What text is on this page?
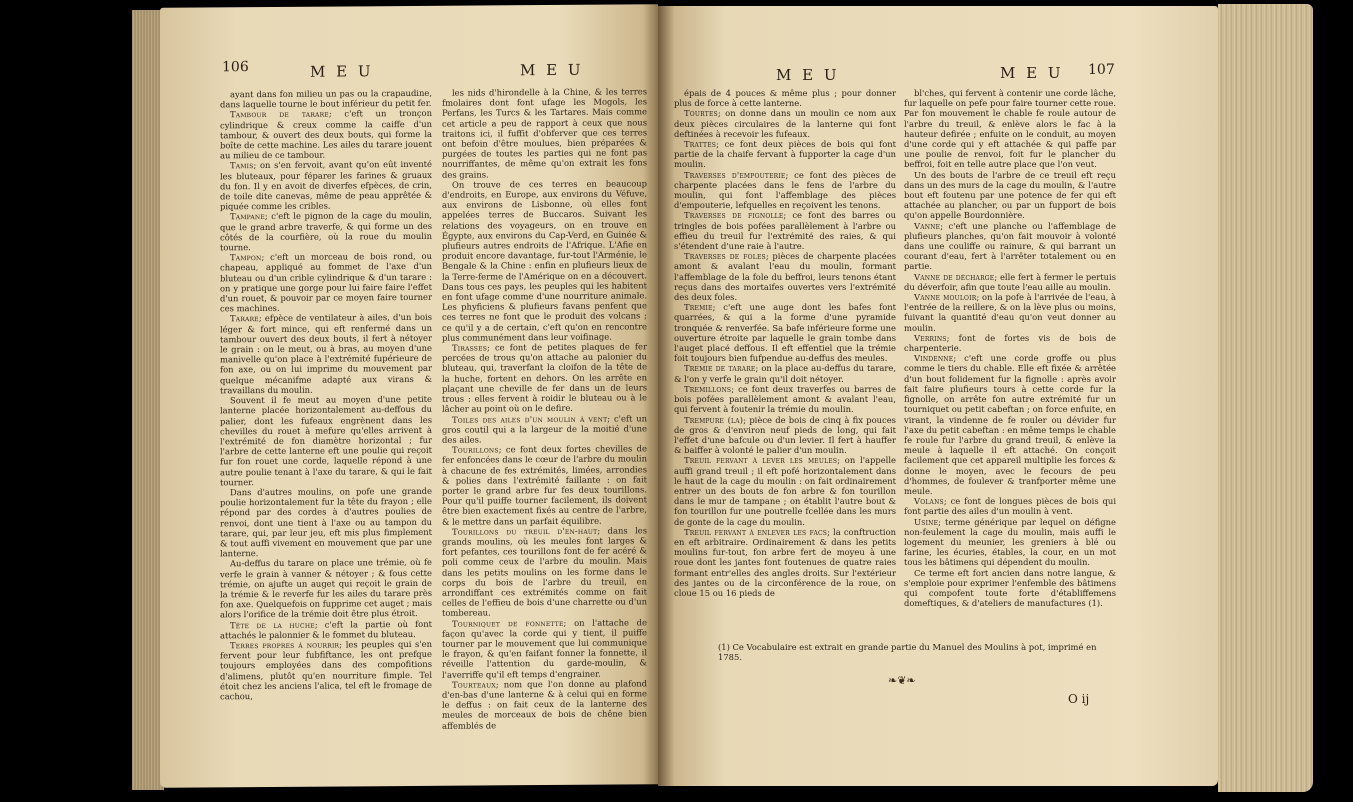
106	M E U	M E U

ayant dans fon milieu un pas ou la crapaudine, dans laquelle tourne le bout inférieur du petit fer.

Tambour de tarare; c'eft un tronçon cylindrique & creux comme la caiffe d'un tambour, & ouvert des deux bouts, qui forme la boîte de cette machine. Les ailes du tarare jouent au milieu de ce tambour.

Tamis; on s'en fervoit, avant qu'on eût inventé les bluteaux, pour féparer les farines & gruaux du fon. Il y en avoit de diverfes efpèces, de crin, de toile dite canevas, même de peau apprêtée & piquée comme les cribles.

Tampane; c'eft le pignon de la cage du moulin, que le grand arbre traverfe, & qui forme un des côtés de la courfière, où la roue du moulin tourne.

Tampon; c'eft un morceau de bois rond, ou chapeau, appliqué au fommet de l'axe d'un bluteau ou d'un crible cylindrique & d'un tarare : on y pratique une gorge pour lui faire faire l'effet d'un rouet, & pouvoir par ce moyen faire tourner ces machines.

Tarare; efpèce de ventilateur à ailes, d'un bois léger & fort mince, qui eft renfermé dans un tambour ouvert des deux bouts, il fert à nétoyer le grain : on le meut, ou à bras, au moyen d'une manivelle qu'on place à l'extrémité fupérieure de fon axe, ou on lui imprime du mouvement par quelque mécanifme adapté aux virans & travaillans du moulin.

Souvent il fe meut au moyen d'une petite lanterne placée horizontalement au-deffous du palier, dont les fufeaux engrènent dans les chevilles du rouet à mefure qu'elles arrivent à l'extrémité de fon diamètre horizontal ; fur l'arbre de cette lanterne eft une poulie qui reçoit fur fon rouet une corde, laquelle répond à une autre poulie tenant à l'axe du tarare, & qui le fait tourner.

Dans d'autres moulins, on pofe une grande poulie horizontalement fur la tête du frayon ; elle répond par des cordes à d'autres poulies de renvoi, dont une tient à l'axe ou au tampon du tarare, qui, par leur jeu, eft mis plus fimplement & tout auffi vivement en mouvement que par une lanterne.

Au-deffus du tarare on place une trémie, où fe verfe le grain à vanner & nétoyer ; & fous cette trémie, on ajufte un auget qui reçoit le grain de la trémie & le reverfe fur les ailes du tarare près fon axe. Quelquefois on fupprime cet auget ; mais alors l'orifice de la trémie doit être plus étroit.

Tête de la huche; c'eft la partie où font attachés le palonnier & le fommet du bluteau.

Terres propres à nourrir; les peuples qui s'en fervent pour leur fubfiftance, les ont prefque toujours employées dans des compofitions d'alimens, plutôt qu'en nourriture fimple. Tel étoit chez les anciens l'alica, tel eft le fromage de cachou,

les nids d'hirondelle à la Chine, & les terres fmolaires dont font ufage les Mogols, les Perfans, les Turcs & les Tartares. Mais comme cet article a peu de rapport à ceux que nous traitons ici, il fuffit d'obferver que ces terres ont befoin d'être moulues, bien préparées & purgées de toutes les parties qui ne font pas nourriffantes, de même qu'on extrait les fons des grains.

On trouve de ces terres en beaucoup d'endroits, en Europe, aux environs du Véfuve, aux environs de Lisbonne, où elles font appelées terres de Buccaros. Suivant les relations des voyageurs, on en trouve en Égypte, aux environs du Cap-Verd, en Guinée & plufieurs autres endroits de l'Afrique. L'Afie en produit encore davantage, fur-tout l'Arménie, le Bengale & la Chine : enfin en plufieurs lieux de la Terre-ferme de l'Amérique on en a découvert. Dans tous ces pays, les peuples qui les habitent en font ufage comme d'une nourriture animale. Les phyficiens & plufieurs favans penfent que ces terres ne font que le produit des volcans ; ce qu'il y a de certain, c'eft qu'on en rencontre plus communément dans leur voifinage.

Tirasses; ce font de petites plaques de fer percées de trous qu'on attache au palonier du bluteau, qui, traverfant la cloifon de la tête de la huche, fortent en dehors. On les arrête en plaçant une cheville de fer dans un de leurs trous : elles fervent à roidir le bluteau ou à le lâcher au point où on le defire.

Toiles des ailes d'un moulin à vent; c'eft un gros coutil qui a la largeur de la moitié d'une des ailes.

Tourillons; ce font deux fortes chevilles de fer enfoncées dans le cœur de l'arbre du moulin à chacune de fes extrémités, limées, arrondies & polies dans l'extrémité faillante : on fait porter le grand arbre fur fes deux tourillons. Pour qu'il puiffe tourner facilement, ils doivent être bien exactement fixés au centre de l'arbre, & le mettre dans un parfait équilibre.

Tourillons du treuil d'en-haut; dans les grands moulins, où les meules font larges & fort pefantes, ces tourillons font de fer acéré & poli comme ceux de l'arbre du moulin. Mais dans les petits moulins on les forme dans le corps du bois de l'arbre du treuil, en arrondiffant ces extrémités comme on fait celles de l'effieu de bois d'une charrette ou d'un tombereau.

Tourniquet de fonnette; on l'attache de façon qu'avec la corde qui y tient, il puiffe tourner par le mouvement que lui communique le frayon, & qu'en faifant fonner la fonnette, il réveille l'attention du garde-moulin, & l'averriffe qu'il eft temps d'engrainer.

Tourteaux; nom que l'on donne au plafond d'en-bas d'une lanterne & à celui qui en forme le deffus : on fait ceux de la lanterne des meules de morceaux de bois de chêne bien affemblés de

M E U	M E U 107

épais de 4 pouces & même plus ; pour donner plus de force à cette lanterne.

Tourtes; on donne dans un moulin ce nom aux deux pièces circulaires de la lanterne qui font deftinées à recevoir les fufeaux.

Trattes; ce font deux pièces de bois qui font partie de la chaife fervant à fupporter la cage d'un moulin.

Traverses d'empouterie; ce font des pièces de charpente placées dans le fens de l'arbre du moulin, qui font l'affemblage des pièces d'empouterie, lefquelles en reçoivent les tenons.

Traverses de fignolle; ce font des barres ou tringles de bois pofées parallèlement à l'arbre ou effieu du treuil fur l'extrémité des raies, & qui s'étendent d'une raie à l'autre.

Traverses de foles; pièces de charpente placées amont & avalant l'eau du moulin, formant l'affemblage de la fole du beffroi, leurs tenons étant reçus dans des mortaifes ouvertes vers l'extrémité des deux foles.

Tremie; c'eft une auge dont les bafes font quarrées, & qui a la forme d'une pyramide tronquée & renverfée. Sa bafe inférieure forme une ouverture étroite par laquelle le grain tombe dans l'auget placé deffous. Il eft effentiel que la trémie foit toujours bien fufpendue au-deffus des meules.

Tremie de tarare; on la place au-deffus du tarare, & l'on y verfe le grain qu'il doit nétoyer.

Tremillons; ce font deux traverfes ou barres de bois pofées parallèlement amont & avalant l'eau, qui fervent à foutenir la trémie du moulin.

Trempure (la); pièce de bois de cinq à fix pouces de gros & d'environ neuf pieds de long, qui fait l'effet d'une bafcule ou d'un levier. Il fert à hauffer & baiffer à volonté le palier d'un moulin.

Treuil fervant à lever les meules; on l'appelle auffi grand treuil ; il eft pofé horizontalement dans le haut de la cage du moulin : on fait ordinairement entrer un des bouts de fon arbre & fon tourillon dans le mur de tampane ; on établit l'autre bout & fon tourillon fur une poutrelle fcellée dans les murs de gonte de la cage du moulin.

Treuil fervant à enlever les facs; la conftruction en eft arbitraire. Ordinairement & dans les petits moulins fur-tout, fon arbre fert de moyeu à une roue dont les jantes font foutenues de quatre raies formant entr'elles des angles droits. Sur l'extérieur des jantes ou de la circonférence de la roue, on cloue 15 ou 16 pieds de

bl'ches, qui fervent à contenir une corde lâche, fur laquelle on pefe pour faire tourner cette roue. Par fon mouvement le chable fe roule autour de l'arbre du treuil, & enlève alors le fac à la hauteur defirée ; enfuite on le conduit, au moyen d'une corde qui y eft attachée & qui paffe par une poulie de renvoi, foit fur le plancher du beffroi, foit en telle autre place que l'on veut.

Un des bouts de l'arbre de ce treuil eft reçu dans un des murs de la cage du moulin, & l'autre bout eft foutenu par une potence de fer qui eft attachée au plancher, ou par un fupport de bois qu'on appelle Bourdonnière.

Vanne; c'eft une planche ou l'affemblage de plufieurs planches, qu'on fait mouvoir à volonté dans une couliffe ou rainure, & qui barrant un courant d'eau, fert à l'arrêter totalement ou en partie.

Vanne de décharge; elle fert à fermer le pertuis du déverfoir, afin que toute l'eau aille au moulin.

Vanne mouloir; on la pofe à l'arrivée de l'eau, à l'entrée de la reillere, & on la lève plus ou moins, fuivant la quantité d'eau qu'on veut donner au moulin.

Verrins; font de fortes vis de bois de charpenterie.

Vindenne; c'eft une corde groffe ou plus comme le tiers du chable. Elle eft fixée & arrêtée d'un bout folidement fur la fignolle : après avoir fait faire plufieurs tours à cette corde fur la fignolle, on arrête fon autre extrémité fur un tourniquet ou petit cabeftan ; on force enfuite, en virant, la vindenne de fe rouler ou dévider fur l'axe du petit cabeftan : en même temps le chable fe roule fur l'arbre du grand treuil, & enlève la meule à laquelle il eft attaché. On conçoit facilement que cet appareil multiplie les forces & donne le moyen, avec le fecours de peu d'hommes, de foulever & tranfporter même une meule.

Volans; ce font de longues pièces de bois qui font partie des ailes d'un moulin à vent.

Usine; terme générique par lequel on défigne non-feulement la cage du moulin, mais auffi le logement du meunier, les greniers à blé ou farine, les écuries, étables, la cour, en un mot tous les bâtimens qui dépendent du moulin.

Ce terme eft fort ancien dans notre langue, & s'emploie pour exprimer l'enfemble des bâtimens qui compofent toute forte d'établiffemens domeftiques, & d'ateliers de manufactures (1).

(1) Ce Vocabulaire est extrait en grande partie du Manuel des Moulins à pot, imprimé en 1785.
❧❦❧
O ij
